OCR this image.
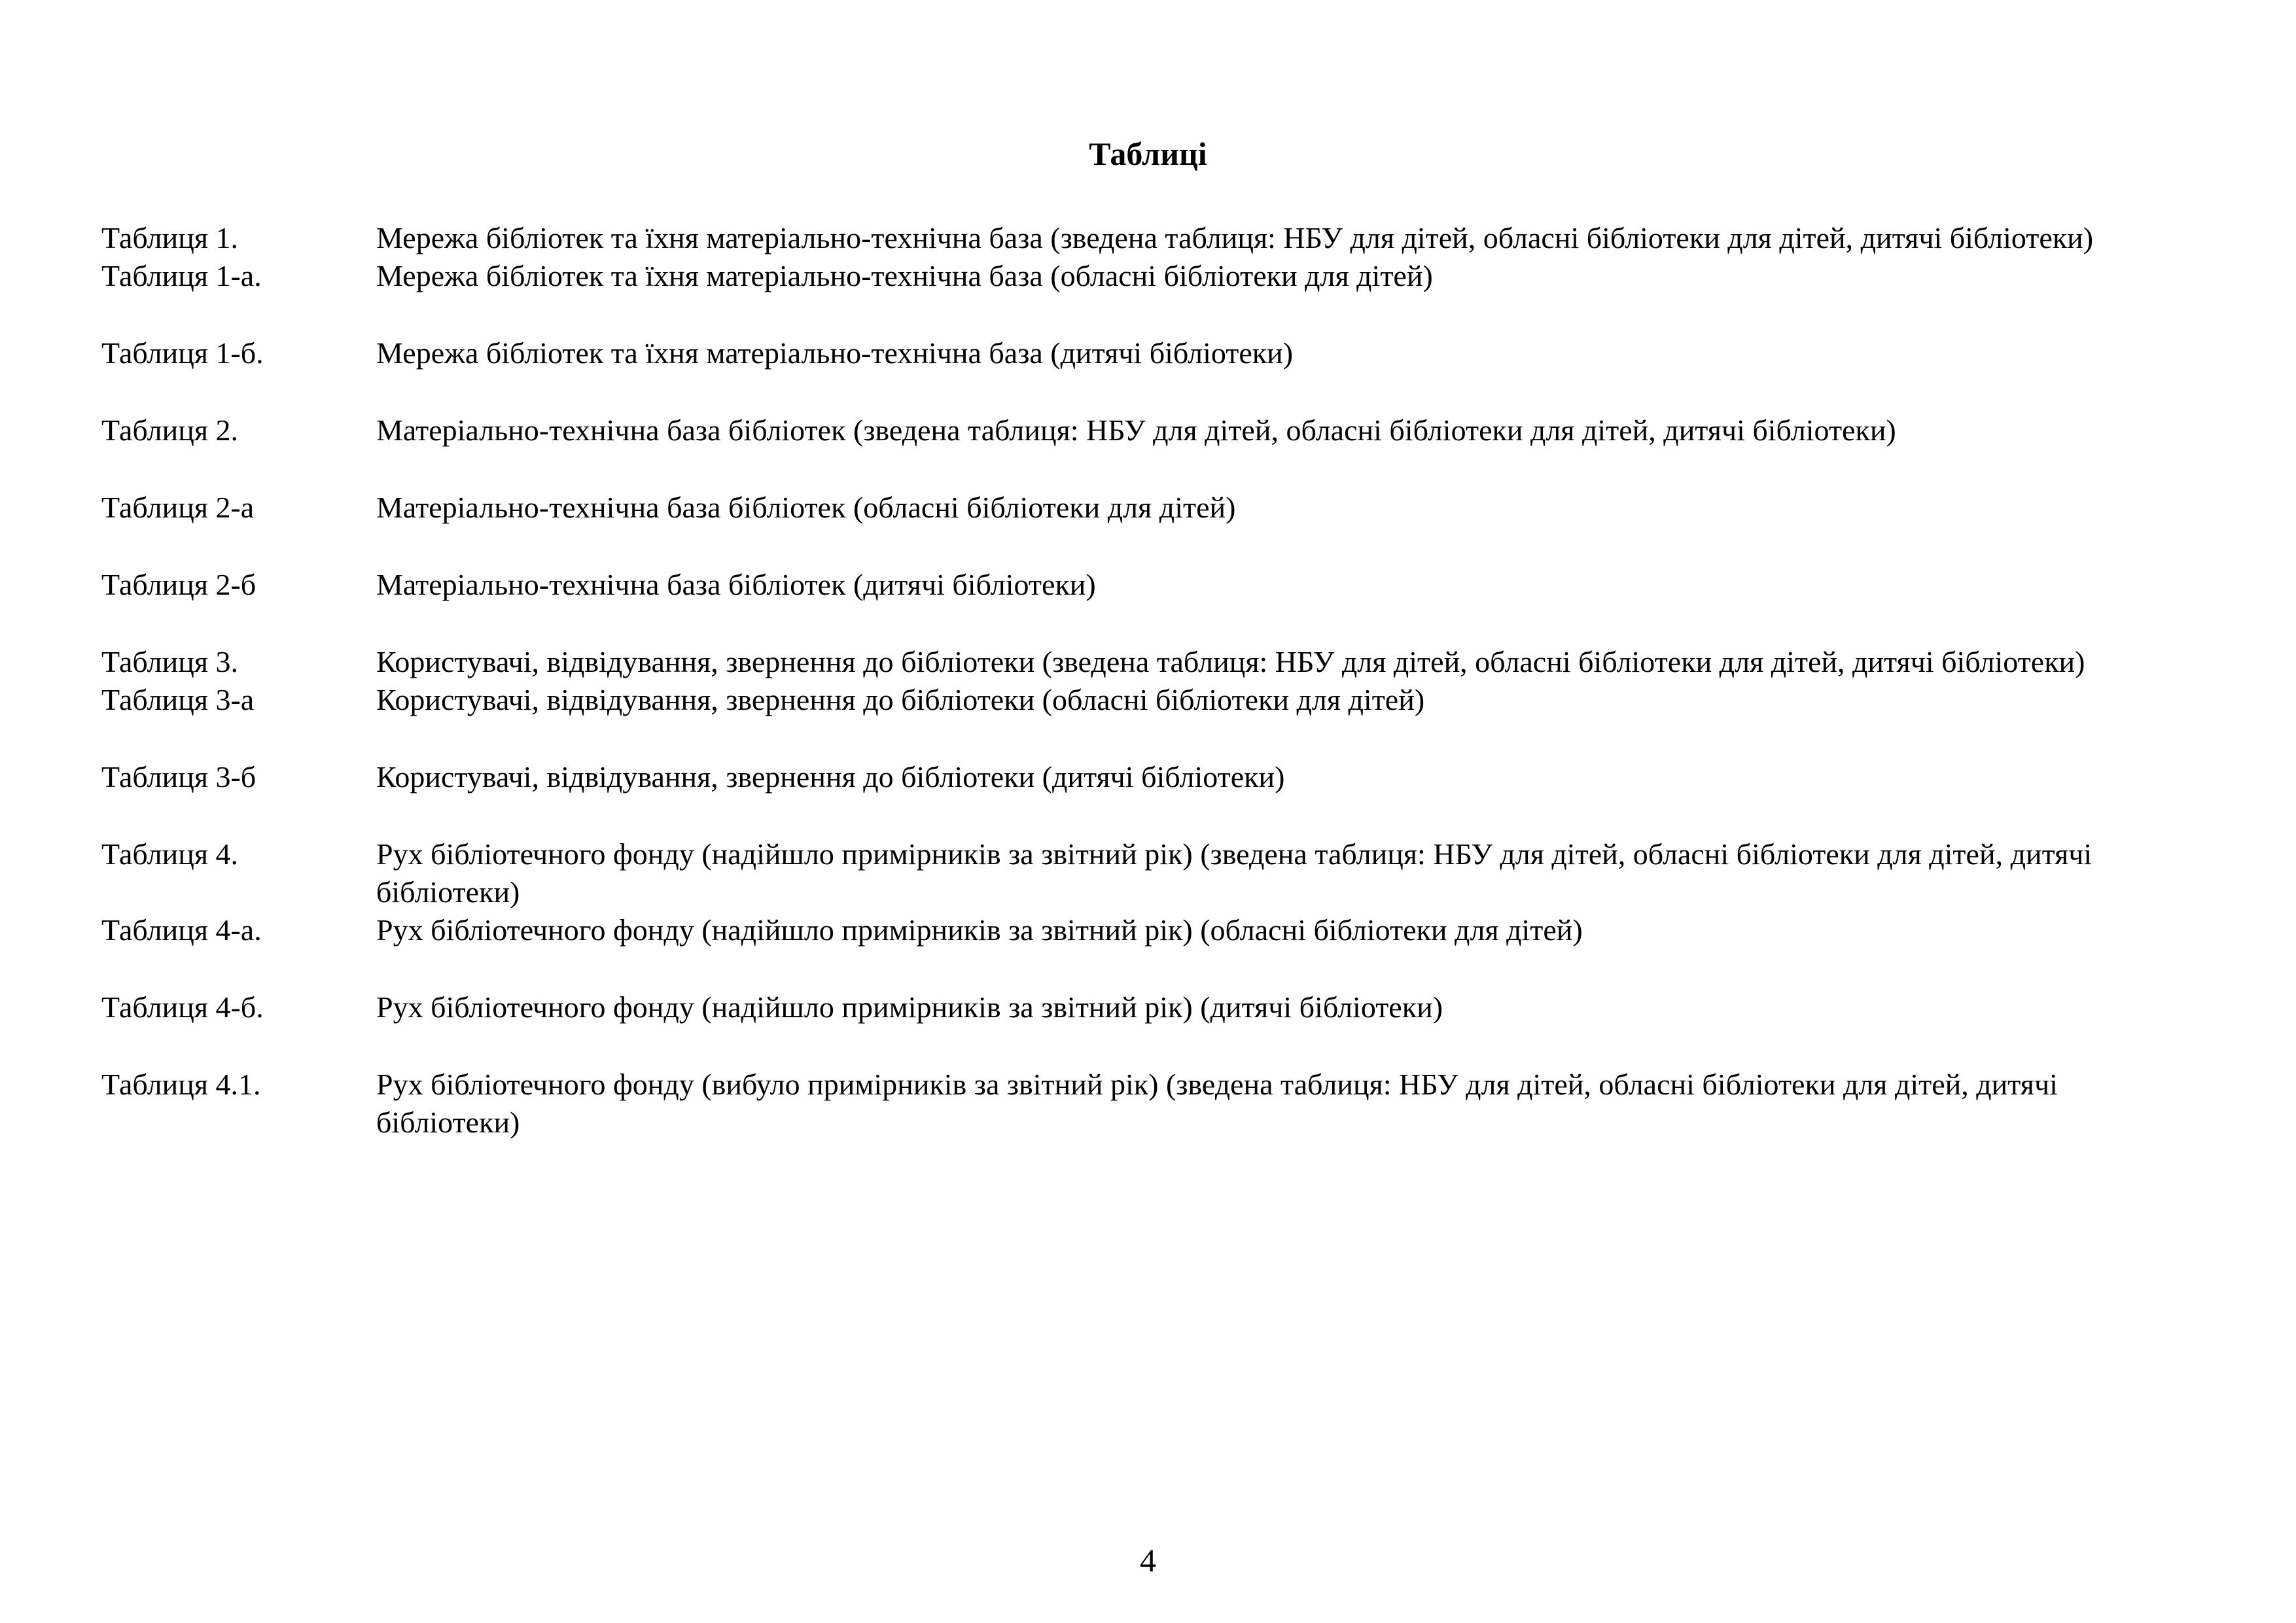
Таблиці
Таблиця 1.	Мережа бібліотек та їхня матеріально-технічна база (зведена таблиця: НБУ для дітей, обласні бібліотеки для дітей, дитячі бібліотеки)
Таблиця 1-а.	Мережа бібліотек та їхня матеріально-технічна база (обласні бібліотеки для дітей)
Таблиця 1-б.	Мережа бібліотек та їхня матеріально-технічна база (дитячі бібліотеки)
Таблиця 2.	Матеріально-технічна база бібліотек (зведена таблиця: НБУ для дітей, обласні бібліотеки для дітей, дитячі бібліотеки)
Таблиця 2-а	Матеріально-технічна база бібліотек (обласні бібліотеки для дітей)
Таблиця 2-б	Матеріально-технічна база бібліотек (дитячі бібліотеки)
Таблиця 3.	Користувачі, відвідування, звернення до бібліотеки (зведена таблиця: НБУ для дітей, обласні бібліотеки для дітей, дитячі бібліотеки)
Таблиця 3-а	Користувачі, відвідування, звернення до бібліотеки (обласні бібліотеки для дітей)
Таблиця 3-б	Користувачі, відвідування, звернення до бібліотеки (дитячі бібліотеки)
Таблиця 4.	Рух бібліотечного фонду (надійшло примірників за звітний рік) (зведена таблиця: НБУ для дітей, обласні бібліотеки для дітей, дитячі бібліотеки)
Таблиця 4-а.	Рух бібліотечного фонду (надійшло примірників за звітний рік) (обласні бібліотеки для дітей)
Таблиця 4-б.	Рух бібліотечного фонду (надійшло примірників за звітний рік) (дитячі бібліотеки)
Таблиця 4.1.	Рух бібліотечного фонду (вибуло примірників за звітний рік) (зведена таблиця: НБУ для дітей, обласні бібліотеки для дітей, дитячі бібліотеки)
4
